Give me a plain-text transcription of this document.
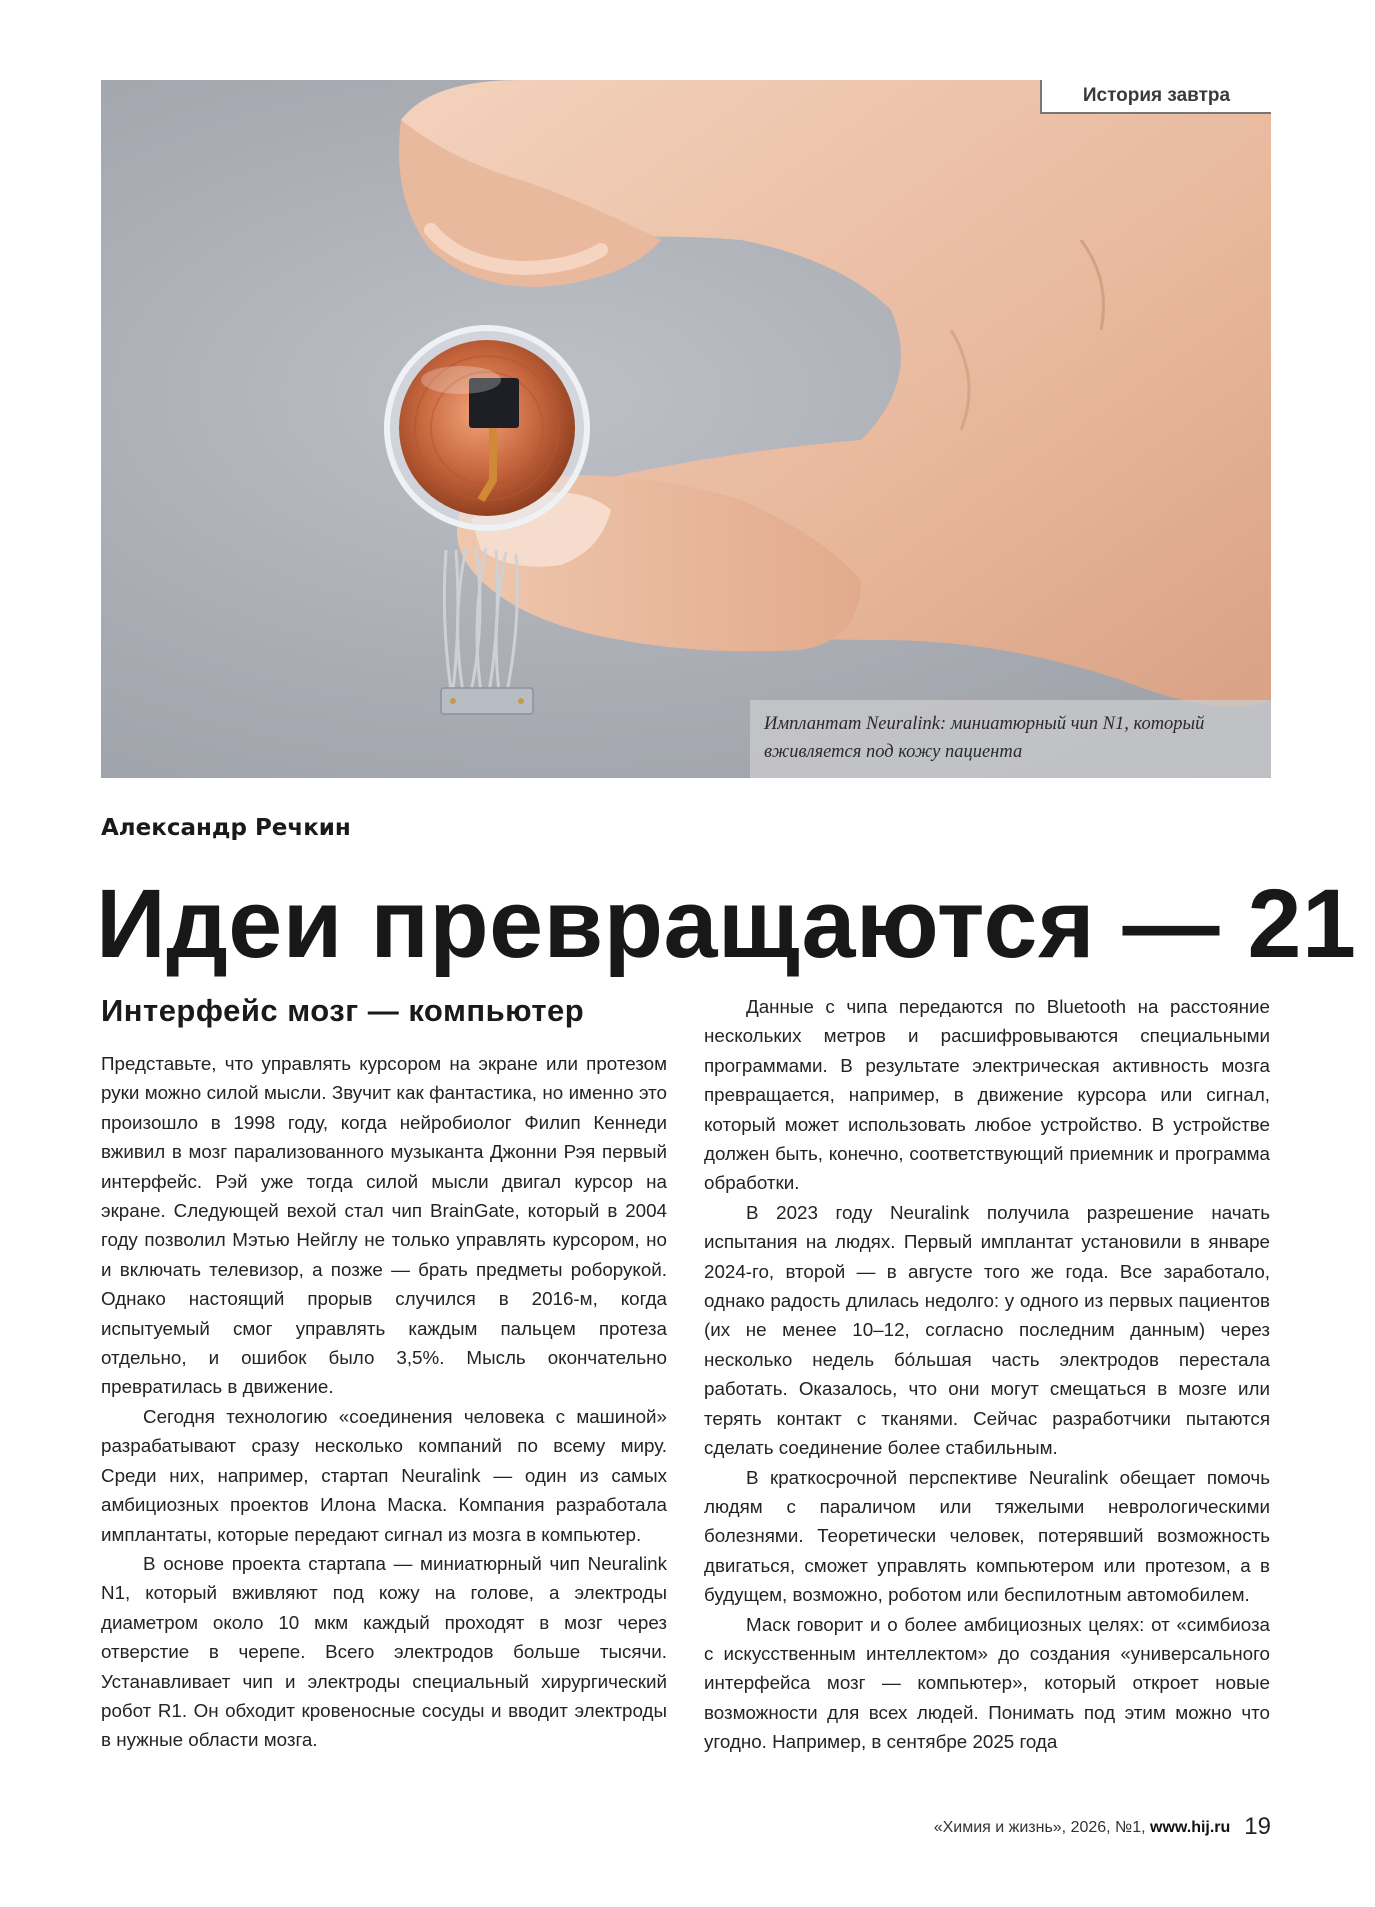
История завтра
Имплантат Neuralink: миниатюрный чип N1, который вживляется под кожу пациента
Александр Речкин
Идеи превращаются — 21
Интерфейс мозг — компьютер

Представьте, что управлять курсором на экране или протезом руки можно силой мысли. Звучит как фантастика, но именно это произошло в 1998 году, когда нейробиолог Филип Кеннеди вживил в мозг парализованного музыканта Джонни Рэя первый интерфейс. Рэй уже тогда силой мысли двигал курсор на экране. Следующей вехой стал чип BrainGate, который в 2004 году позволил Мэтью Нейглу не только управлять курсором, но и включать телевизор, а позже — брать предметы роборукой. Однако настоящий прорыв случился в 2016-м, когда испытуемый смог управлять каждым пальцем протеза отдельно, и ошибок было 3,5%. Мысль окончательно превратилась в движение.

Сегодня технологию «соединения человека с машиной» разрабатывают сразу несколько компаний по всему миру. Среди них, например, стартап Neuralink — один из самых амбициозных проектов Илона Маска. Компания разработала имплантаты, которые передают сигнал из мозга в компьютер.

В основе проекта стартапа — миниатюрный чип Neuralink N1, который вживляют под кожу на голове, а электроды диаметром около 10 мкм каждый проходят в мозг через отверстие в черепе. Всего электродов больше тысячи. Устанавливает чип и электроды специальный хирургический робот R1. Он обходит кровеносные сосуды и вводит электроды в нужные области мозга.

Данные с чипа передаются по Bluetooth на расстояние нескольких метров и расшифровываются специальными программами. В результате электрическая активность мозга превращается, например, в движение курсора или сигнал, который может использовать любое устройство. В устройстве должен быть, конечно, соответствующий приемник и программа обработки.

В 2023 году Neuralink получила разрешение начать испытания на людях. Первый имплантат установили в январе 2024-го, второй — в августе того же года. Все заработало, однако радость длилась недолго: у одного из первых пациентов (их не менее 10–12, согласно последним данным) через несколько недель бо́льшая часть электродов перестала работать. Оказалось, что они могут смещаться в мозге или терять контакт с тканями. Сейчас разработчики пытаются сделать соединение более стабильным.

В краткосрочной перспективе Neuralink обещает помочь людям с параличом или тяжелыми неврологическими болезнями. Теоретически человек, потерявший возможность двигаться, сможет управлять компьютером или протезом, а в будущем, возможно, роботом или беспилотным автомобилем.

Маск говорит и о более амбициозных целях: от «симбиоза с искусственным интеллектом» до создания «универсального интерфейса мозг — компьютер», который откроет новые возможности для всех людей. Понимать под этим можно что угодно. Например, в сентябре 2025 года

«Химия и жизнь», 2026, №1, www.hij.ru 19
